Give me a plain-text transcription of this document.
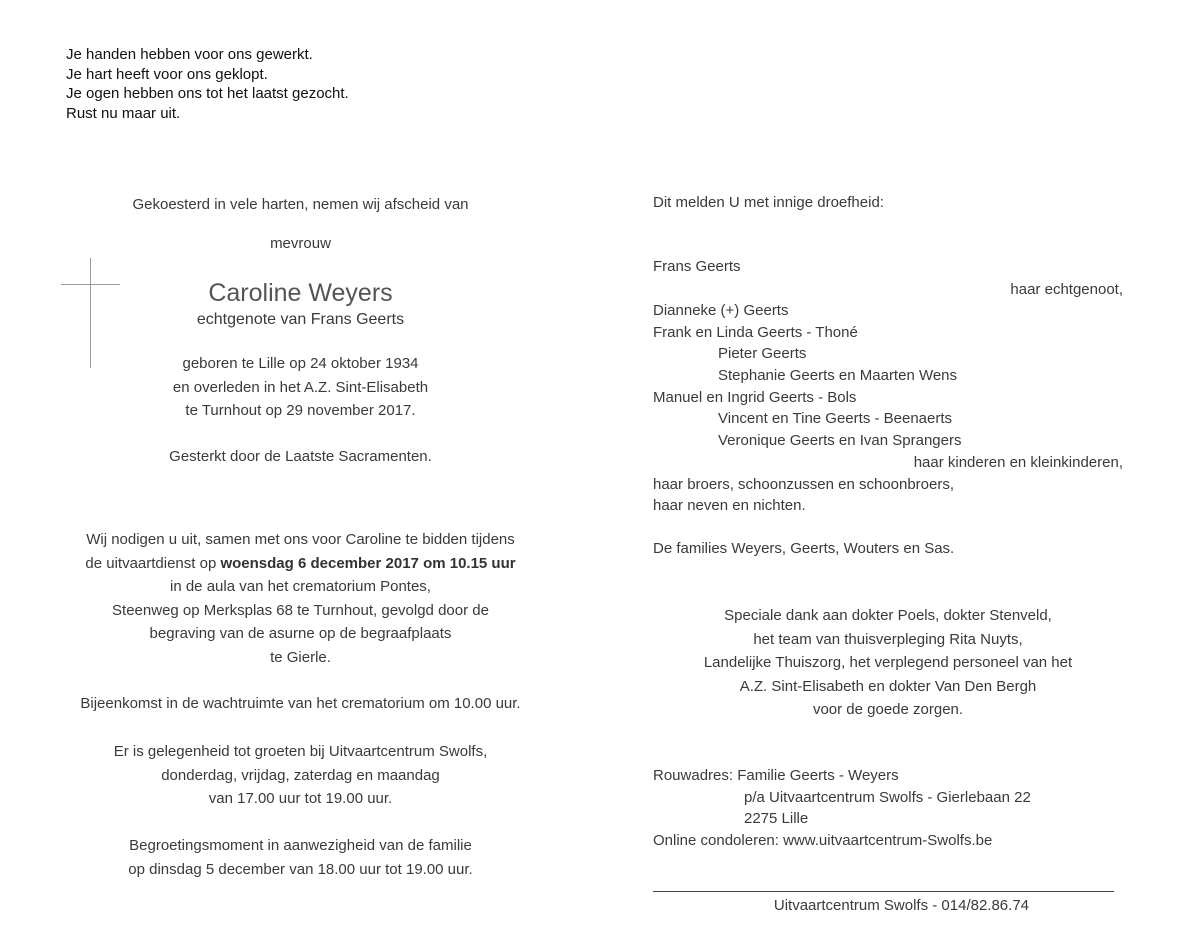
Je handen hebben voor ons gewerkt.
Je hart heeft voor ons geklopt.
Je ogen hebben ons tot het laatst gezocht.
Rust nu maar uit.
Gekoesterd in vele harten, nemen wij afscheid van
mevrouw
Caroline Weyers
echtgenote van Frans Geerts
geboren te Lille op 24 oktober 1934
en overleden in het A.Z. Sint-Elisabeth
te Turnhout op 29 november 2017.
Gesterkt door de Laatste Sacramenten.
Wij nodigen u uit, samen met ons voor Caroline te bidden tijdens
de uitvaartdienst op woensdag 6 december 2017 om 10.15 uur
in de aula van het crematorium Pontes,
Steenweg op Merksplas 68 te Turnhout, gevolgd door de
begraving van de asurne op de begraafplaats
te Gierle.
Bijeenkomst in de wachtruimte van het crematorium om 10.00 uur.
Er is gelegenheid tot groeten bij Uitvaartcentrum Swolfs,
donderdag, vrijdag, zaterdag en maandag
van 17.00 uur tot 19.00 uur.
Begroetingsmoment in aanwezigheid van de familie
op dinsdag 5 december van 18.00 uur tot 19.00 uur.
Dit melden U met innige droefheid:
Frans Geerts
haar echtgenoot,
Dianneke (+) Geerts
Frank en Linda Geerts - Thoné
Pieter Geerts
Stephanie Geerts en Maarten Wens
Manuel en Ingrid Geerts - Bols
Vincent en Tine Geerts - Beenaerts
Veronique Geerts en Ivan Sprangers
haar kinderen en kleinkinderen,
haar broers, schoonzussen en schoonbroers,
haar neven en nichten.
De families Weyers, Geerts, Wouters en Sas.
Speciale dank aan dokter Poels, dokter Stenveld,
het team van thuisverpleging Rita Nuyts,
Landelijke Thuiszorg, het verplegend personeel van het
A.Z. Sint-Elisabeth en dokter Van Den Bergh
voor de goede zorgen.
Rouwadres: Familie Geerts - Weyers
p/a Uitvaartcentrum Swolfs - Gierlebaan 22
2275 Lille
Online condoleren: www.uitvaartcentrum-Swolfs.be
Uitvaartcentrum Swolfs - 014/82.86.74
